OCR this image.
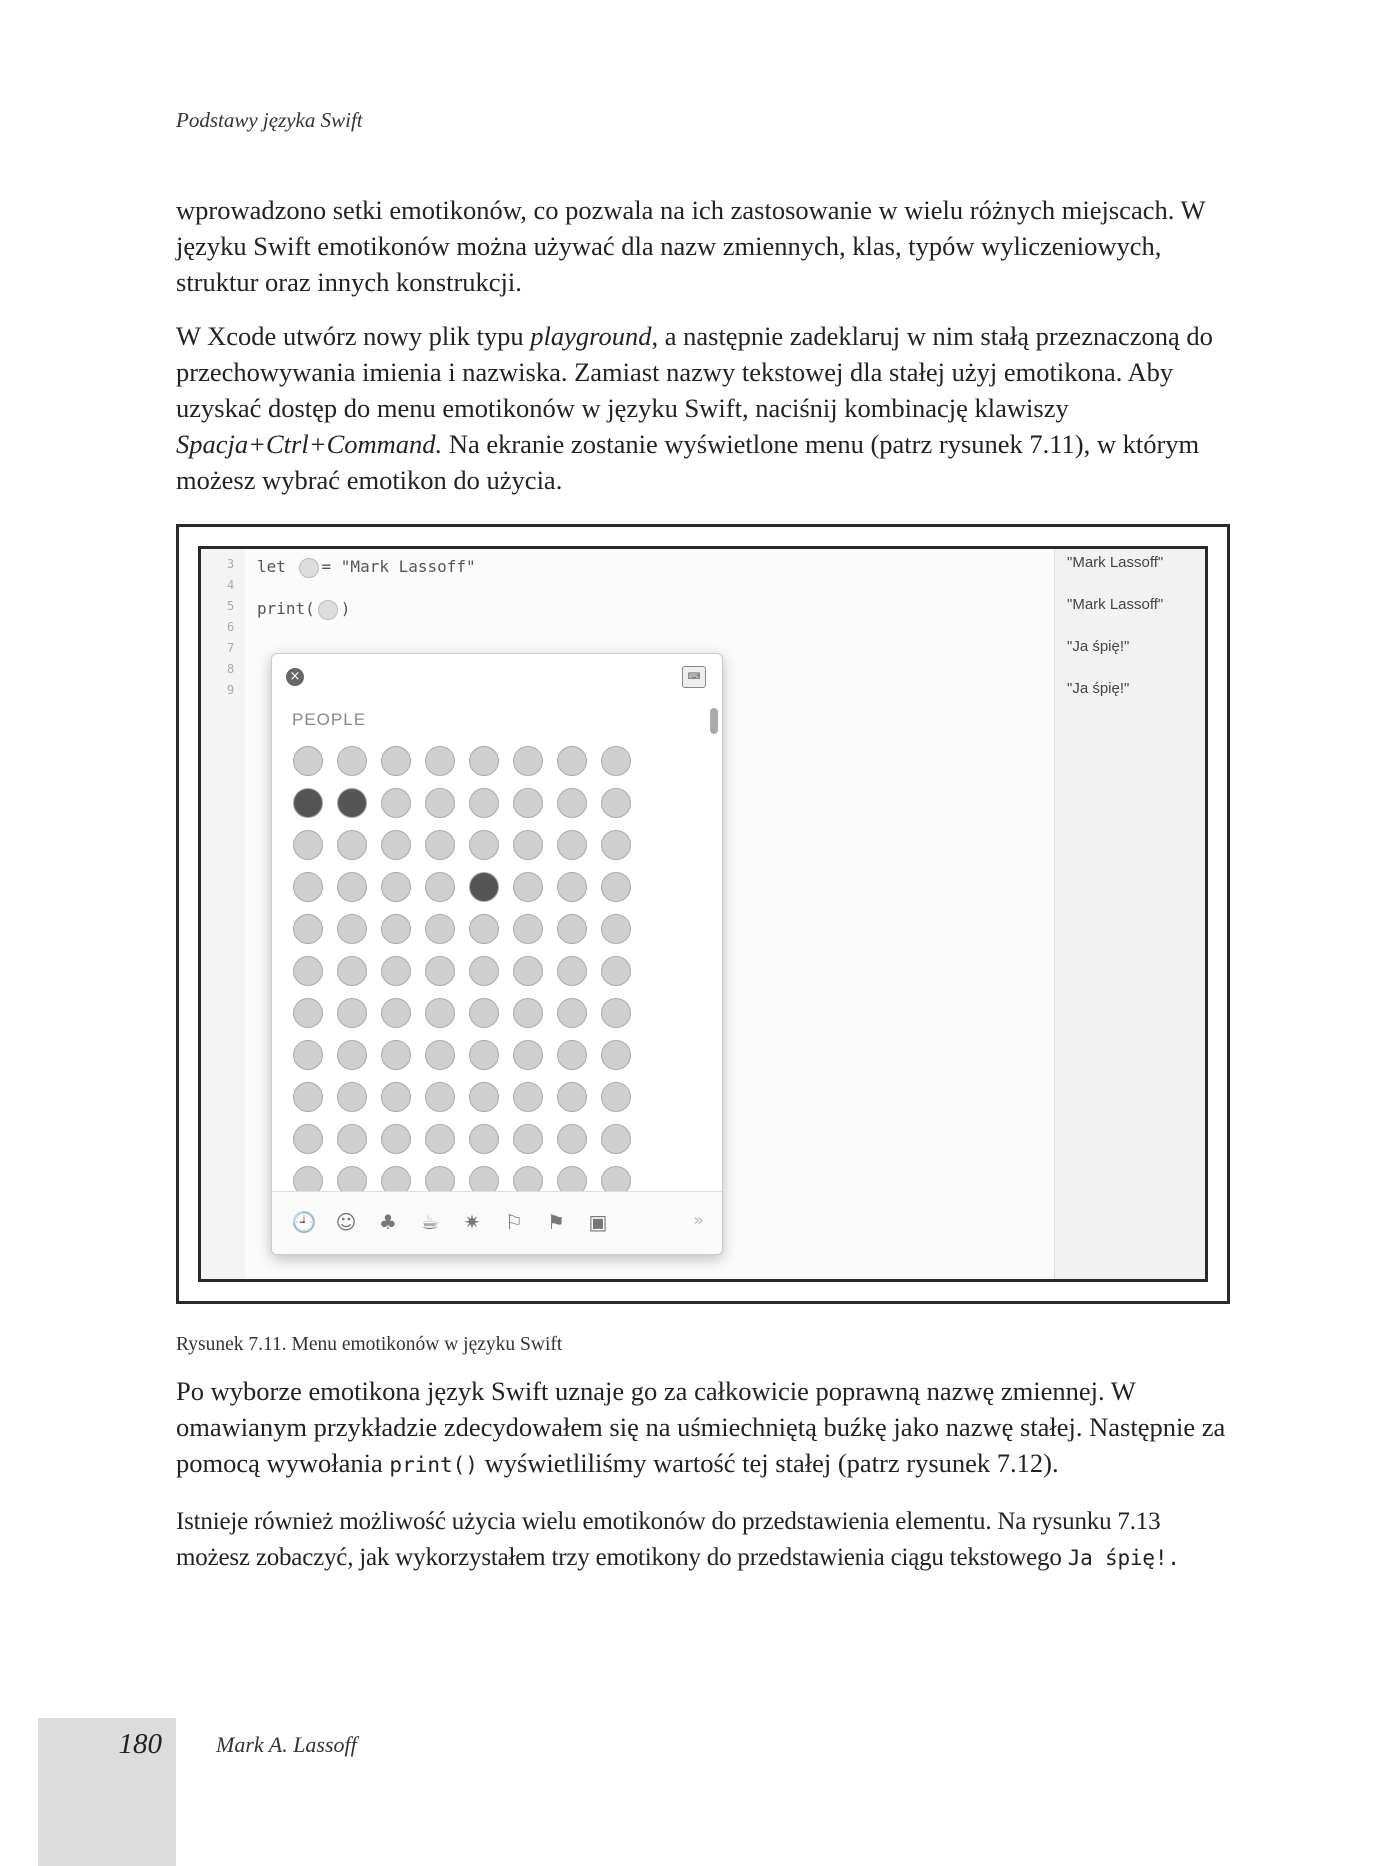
Podstawy języka Swift

wprowadzono setki emotikonów, co pozwala na ich zastosowanie w wielu różnych miejscach. W języku Swift emotikonów można używać dla nazw zmiennych, klas, typów wyliczeniowych, struktur oraz innych konstrukcji.

W Xcode utwórz nowy plik typu playground, a następnie zadeklaruj w nim stałą przeznaczoną do przechowywania imienia i nazwiska. Zamiast nazwy tekstowej dla stałej użyj emotikona. Aby uzyskać dostęp do menu emotikonów w języku Swift, naciśnij kombinację klawiszy Spacja+Ctrl+Command. Na ekranie zostanie wyświetlone menu (patrz rysunek 7.11), w którym możesz wybrać emotikon do użycia.

3
4
5
6
7
8
9
let = "Mark Lassoff"
print( )
"Mark Lassoff"
"Mark Lassoff"
"Ja śpię!"
"Ja śpię!"
×	⌨
PEOPLE
🕘 ☺ ♣ ☕ ✷ ⚐ ⚑ ▣	»
Rysunek 7.11. Menu emotikonów w języku Swift

Po wyborze emotikona język Swift uznaje go za całkowicie poprawną nazwę zmiennej. W omawianym przykładzie zdecydowałem się na uśmiechniętą buźkę jako nazwę stałej. Następnie za pomocą wywołania print() wyświetliliśmy wartość tej stałej (patrz rysunek 7.12).

Istnieje również możliwość użycia wielu emotikonów do przedstawienia elementu. Na rysunku 7.13 możesz zobaczyć, jak wykorzystałem trzy emotikony do przedstawienia ciągu tekstowego Ja śpię!.

180	Mark A. Lassoff
